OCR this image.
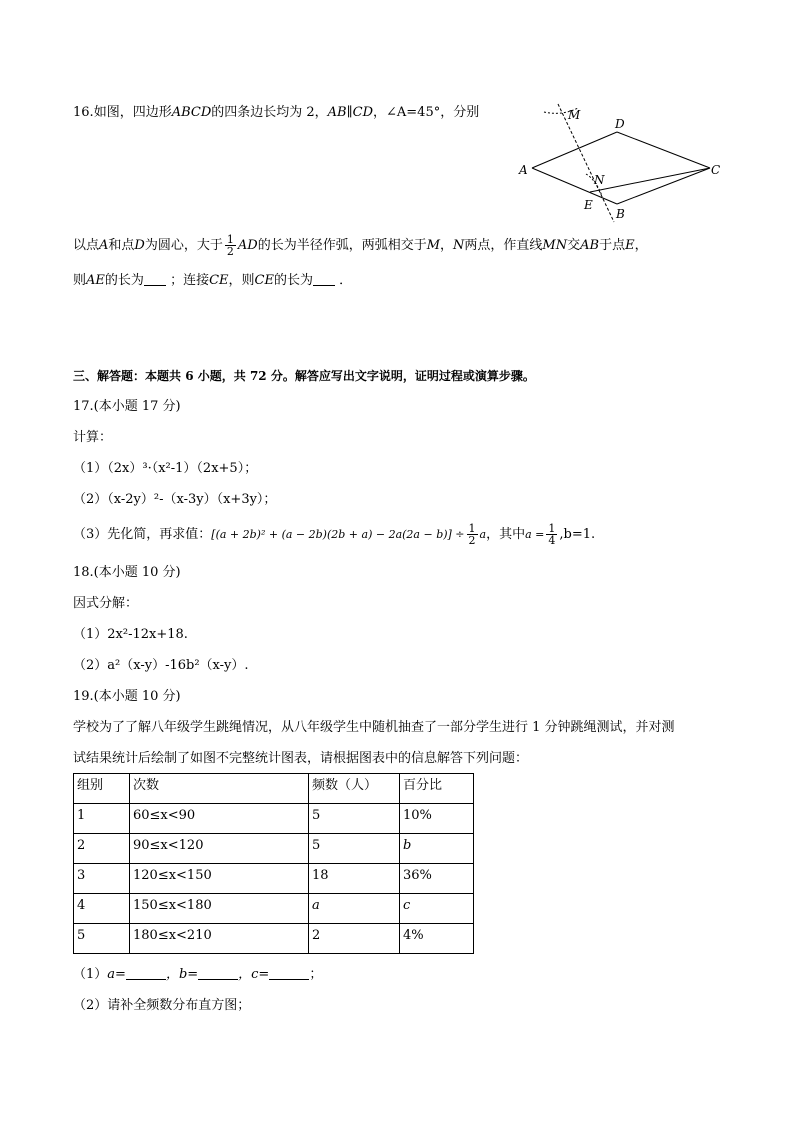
16.如图，四边形ABCD的四条边长均为 2，AB∥CD，∠A=45°，分别	M
D
A	C
N
E
B
以点A和点D为圆心，大于 $\frac{1}{2}$ AD的长为半径作弧，两弧相交于M，N两点，作直线MN交AB于点E，
则AE的长为 ；连接CE，则CE的长为 ．
三、解答题：本题共 6 小题，共 72 分。解答应写出文字说明，证明过程或演算步骤。
17.(本小题 17 分)
计算：
（1）（2x）³·（x²-1）（2x+5）；
（2）（x-2y）²-（x-3y）（x+3y）；
（3）先化简，再求值：$[(a + 2b)^2 + (a - 2b)(2b + a) - 2a(2a - b)] \div \frac{1}{2}$ a，其中$a = \frac{1}{4} ,b=1$.
18.(本小题 10 分)
因式分解：
（1）2x²-12x+18.
（2）a²（x-y）-16b²（x-y）.
19.(本小题 10 分)
学校为了了解八年级学生跳绳情况，从八年级学生中随机抽查了一部分学生进行 1 分钟跳绳测试，并对测
试结果统计后绘制了如图不完整统计图表，请根据图表中的信息解答下列问题：
组别	次数	频数（人）	百分比
1	60≤x<90	5	10%
2	90≤x<120	5	b
3	120≤x<150	18	36%
4	150≤x<180	a	c
5	180≤x<210	2	4%
（1）a=	，b=	，c=	；
（2）请补全频数分布直方图；
